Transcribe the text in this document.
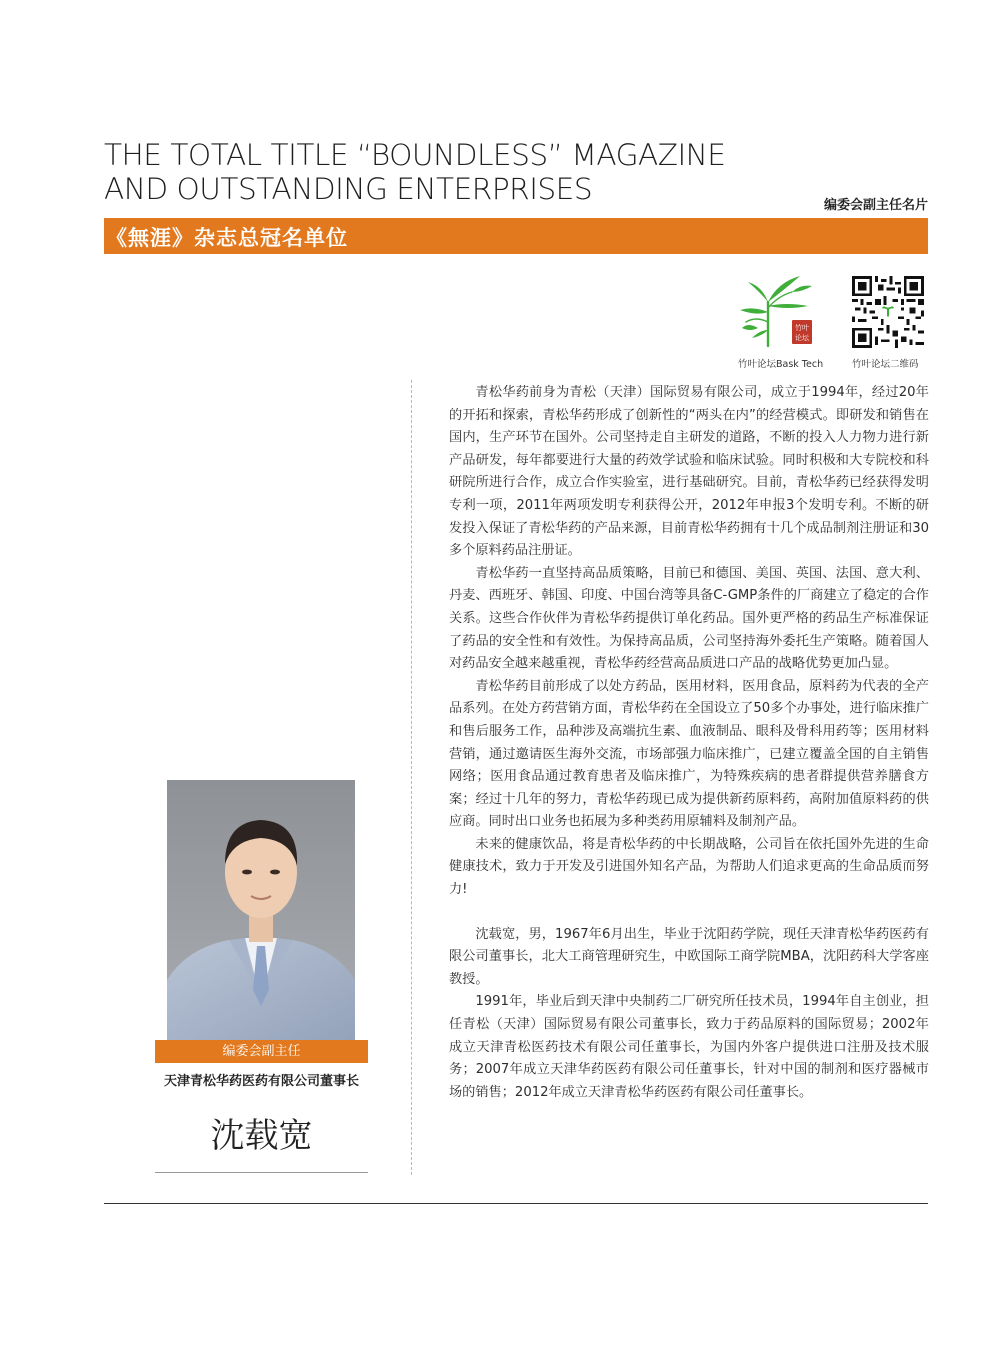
THE TOTAL TITLE “BOUNDLESS” MAGAZINE
AND OUTSTANDING ENTERPRISES	编委会副主任名片
《無涯》杂志总冠名单位
竹叶
论坛
竹叶论坛Bask Tech	竹叶论坛二维码

青松华药前身为青松（天津）国际贸易有限公司，成立于1994年，经过20年的开拓和探索，青松华药形成了创新性的“两头在内”的经营模式。即研发和销售在国内，生产环节在国外。公司坚持走自主研发的道路，不断的投入人力物力进行新产品研发，每年都要进行大量的药效学试验和临床试验。同时积极和大专院校和科研院所进行合作，成立合作实验室，进行基础研究。目前，青松华药已经获得发明专利一项，2011年两项发明专利获得公开，2012年申报3个发明专利。不断的研发投入保证了青松华药的产品来源，目前青松华药拥有十几个成品制剂注册证和30多个原料药品注册证。

青松华药一直坚持高品质策略，目前已和德国、美国、英国、法国、意大利、丹麦、西班牙、韩国、印度、中国台湾等具备C-GMP条件的厂商建立了稳定的合作关系。这些合作伙伴为青松华药提供订单化药品。国外更严格的药品生产标准保证了药品的安全性和有效性。为保持高品质，公司坚持海外委托生产策略。随着国人对药品安全越来越重视，青松华药经营高品质进口产品的战略优势更加凸显。

青松华药目前形成了以处方药品，医用材料，医用食品，原料药为代表的全产品系列。在处方药营销方面，青松华药在全国设立了50多个办事处，进行临床推广和售后服务工作，品种涉及高端抗生素、血液制品、眼科及骨科用药等；医用材料营销，通过邀请医生海外交流，市场部强力临床推广，已建立覆盖全国的自主销售网络；医用食品通过教育患者及临床推广，为特殊疾病的患者群提供营养膳食方案；经过十几年的努力，青松华药现已成为提供新药原料药，高附加值原料药的供应商。同时出口业务也拓展为多种类药用原辅料及制剂产品。

未来的健康饮品，将是青松华药的中长期战略，公司旨在依托国外先进的生命健康技术，致力于开发及引进国外知名产品，为帮助人们追求更高的生命品质而努力!

沈载宽，男，1967年6月出生，毕业于沈阳药学院，现任天津青松华药医药有限公司董事长，北大工商管理研究生，中欧国际工商学院MBA，沈阳药科大学客座教授。

1991年，毕业后到天津中央制药二厂研究所任技术员，1994年自主创业，担任青松（天津）国际贸易有限公司董事长，致力于药品原料的国际贸易；2002年成立天津青松医药技术有限公司任董事长，为国内外客户提供进口注册及技术服务；2007年成立天津华药医药有限公司任董事长，针对中国的制剂和医疗器械市场的销售；2012年成立天津青松华药医药有限公司任董事长。

编委会副主任
天津青松华药医药有限公司董事长
沈载宽
